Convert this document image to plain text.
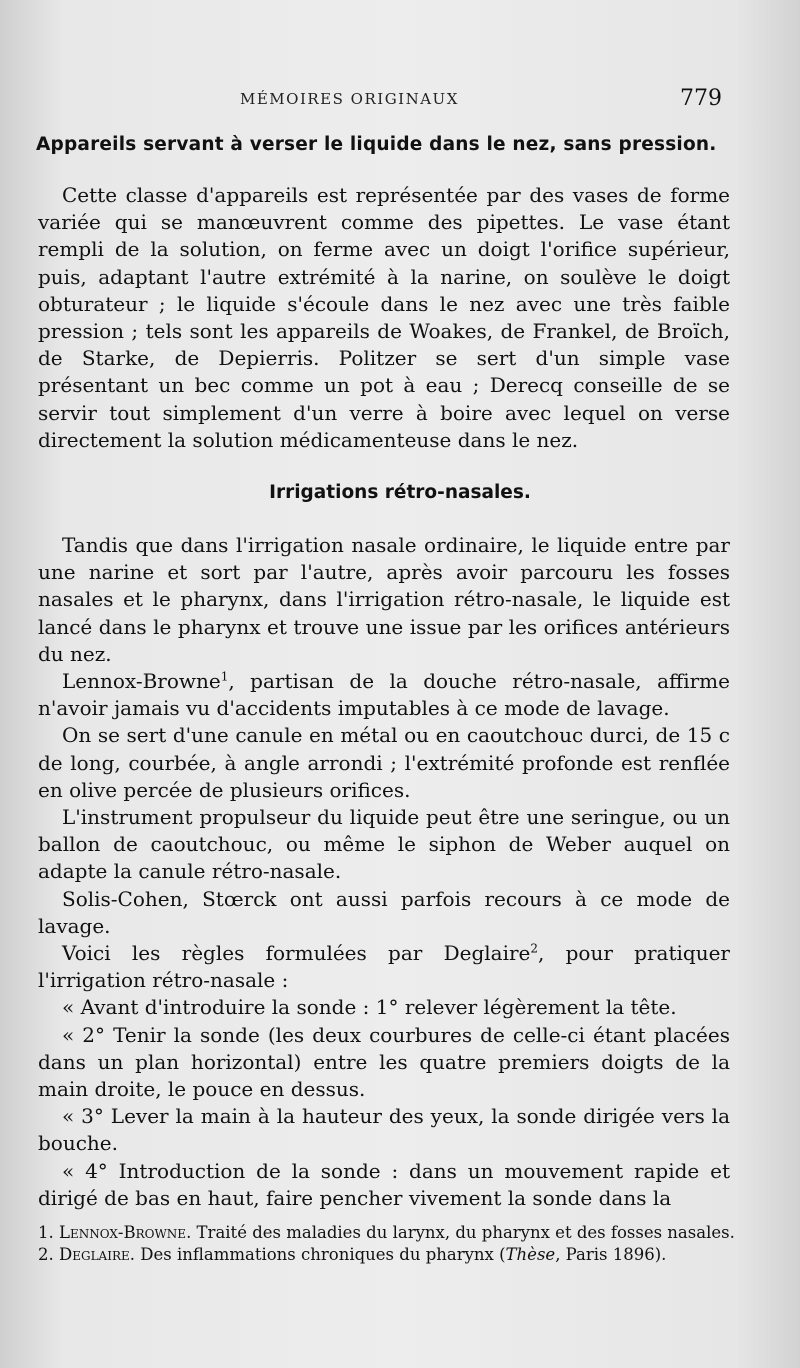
MÉMOIRES ORIGINAUX	779
Appareils servant à verser le liquide dans le nez, sans pression.

Cette classe d'appareils est représentée par des vases de forme variée qui se manœuvrent comme des pipettes. Le vase étant rempli de la solution, on ferme avec un doigt l'orifice supérieur, puis, adaptant l'autre extrémité à la narine, on soulève le doigt obturateur ; le liquide s'écoule dans le nez avec une très faible pression ; tels sont les appareils de Woakes, de Frankel, de Broïch, de Starke, de Depierris. Politzer se sert d'un simple vase présentant un bec comme un pot à eau ; Derecq conseille de se servir tout simplement d'un verre à boire avec lequel on verse directement la solution médicamenteuse dans le nez.

Irrigations rétro-nasales.

Tandis que dans l'irrigation nasale ordinaire, le liquide entre par une narine et sort par l'autre, après avoir parcouru les fosses nasales et le pharynx, dans l'irrigation rétro-nasale, le liquide est lancé dans le pharynx et trouve une issue par les orifices antérieurs du nez.

Lennox-Browne$^1$, partisan de la douche rétro-nasale, affirme n'avoir jamais vu d'accidents imputables à ce mode de lavage.

On se sert d'une canule en métal ou en caoutchouc durci, de 15 c de long, courbée, à angle arrondi ; l'extrémité profonde est renflée en olive percée de plusieurs orifices.

L'instrument propulseur du liquide peut être une seringue, ou un ballon de caoutchouc, ou même le siphon de Weber auquel on adapte la canule rétro-nasale.

Solis-Cohen, Stœrck ont aussi parfois recours à ce mode de lavage.

Voici les règles formulées par Deglaire$^2$, pour pratiquer l'irrigation rétro-nasale :

« Avant d'introduire la sonde : 1° relever légèrement la tête.

« 2° Tenir la sonde (les deux courbures de celle-ci étant placées dans un plan horizontal) entre les quatre premiers doigts de la main droite, le pouce en dessus.

« 3° Lever la main à la hauteur des yeux, la sonde dirigée vers la bouche.

« 4° Introduction de la sonde : dans un mouvement rapide et dirigé de bas en haut, faire pencher vivement la sonde dans la

1. Lennox-Browne. Traité des maladies du larynx, du pharynx et des fosses nasales.

2. Deglaire. Des inflammations chroniques du pharynx (Thèse, Paris 1896).
